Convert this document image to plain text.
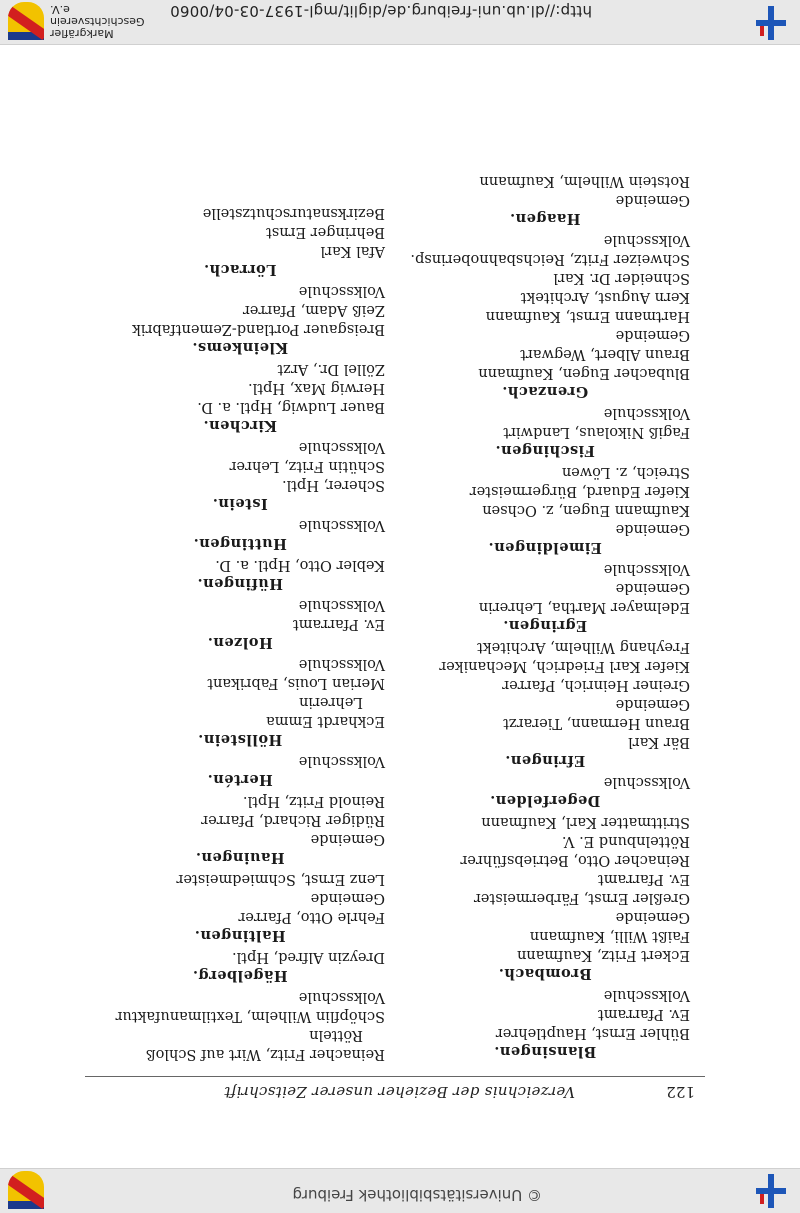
© Universitätsbibliothek Freiburg
http://dl.ub.uni-freiburg.de/diglit/mgl-1937-03-04/0060
Markgräfler Geschichtsverein e.V.
122
Verzeichnis der Bezieher unserer Zeitschrift
Blansingen.
Bühler Ernst, Hauptlehrer
Ev. Pfarramt
Volksschule
Brombach.
Eckert Fritz, Kaufmann
Faißt Willi, Kaufmann
Gemeinde
Greßler Ernst, Färbermeister
Ev. Pfarramt
Reinacher Otto, Betriebsführer
Röttelnbund E. V.
Strittmatter Karl, Kaufmann
Degerfelden.
Volksschule
Efringen.
Bär Karl
Braun Hermann, Tierarzt
Gemeinde
Greiner Heinrich, Pfarrer
Kiefer Karl Friedrich, Mechaniker
Freyhang Wilhelm, Architekt
Egringen.
Edelmayer Martha, Lehrerin
Gemeinde
Volksschule
Eimeldingen.
Gemeinde
Kaufmann Eugen, z. Ochsen
Kiefer Eduard, Bürgermeister
Streich, z. Löwen
Fischingen.
Fagiß Nikolaus, Landwirt
Volksschule
Grenzach.
Blubacher Eugen, Kaufmann
Braun Albert, Wegwart
Gemeinde
Hartmann Ernst, Kaufmann
Kern August, Architekt
Schneider Dr. Karl
Schweizer Fritz, Reichsbahnoberinsp.
Volksschule
Haagen.
Gemeinde
Rotstein Wilhelm, Kaufmann
Reinacher Fritz, Wirt auf Schloß
Rötteln
Schöpflin Wilhelm, Textilmanufaktur
Volksschule
Hägelberg.
Dreyzin Alfred, Hptl.
Haltingen.
Fehrle Otto, Pfarrer
Gemeinde
Lenz Ernst, Schmiedmeister
Hauingen.
Gemeinde
Rüdiger Richard, Pfarrer
Reinold Fritz, Hptl.
Hertén.
Volksschule
Höllstein.
Eckhardt Emma
Lehrerin
Merian Louis, Fabrikant
Volksschule
Holzen.
Ev. Pfarramt
Volksschule
Hüfingen.
Kebler Otto, Hptl. a. D.
Huttingen.
Volksschule
Istein.
Scherer, Hptl.
Schütin Fritz, Lehrer
Volksschule
Kirchen.
Bauer Ludwig, Hptl. a. D.
Herwig Max, Hptl.
Zöllel Dr., Arzt
Kleinkems.
Breisgauer Portland-Zementfabrik
Zeiß Adam, Pfarrer
Volksschule
Lörrach.
Afal Karl
Behringer Ernst
Bezirksnaturschutzstelle
